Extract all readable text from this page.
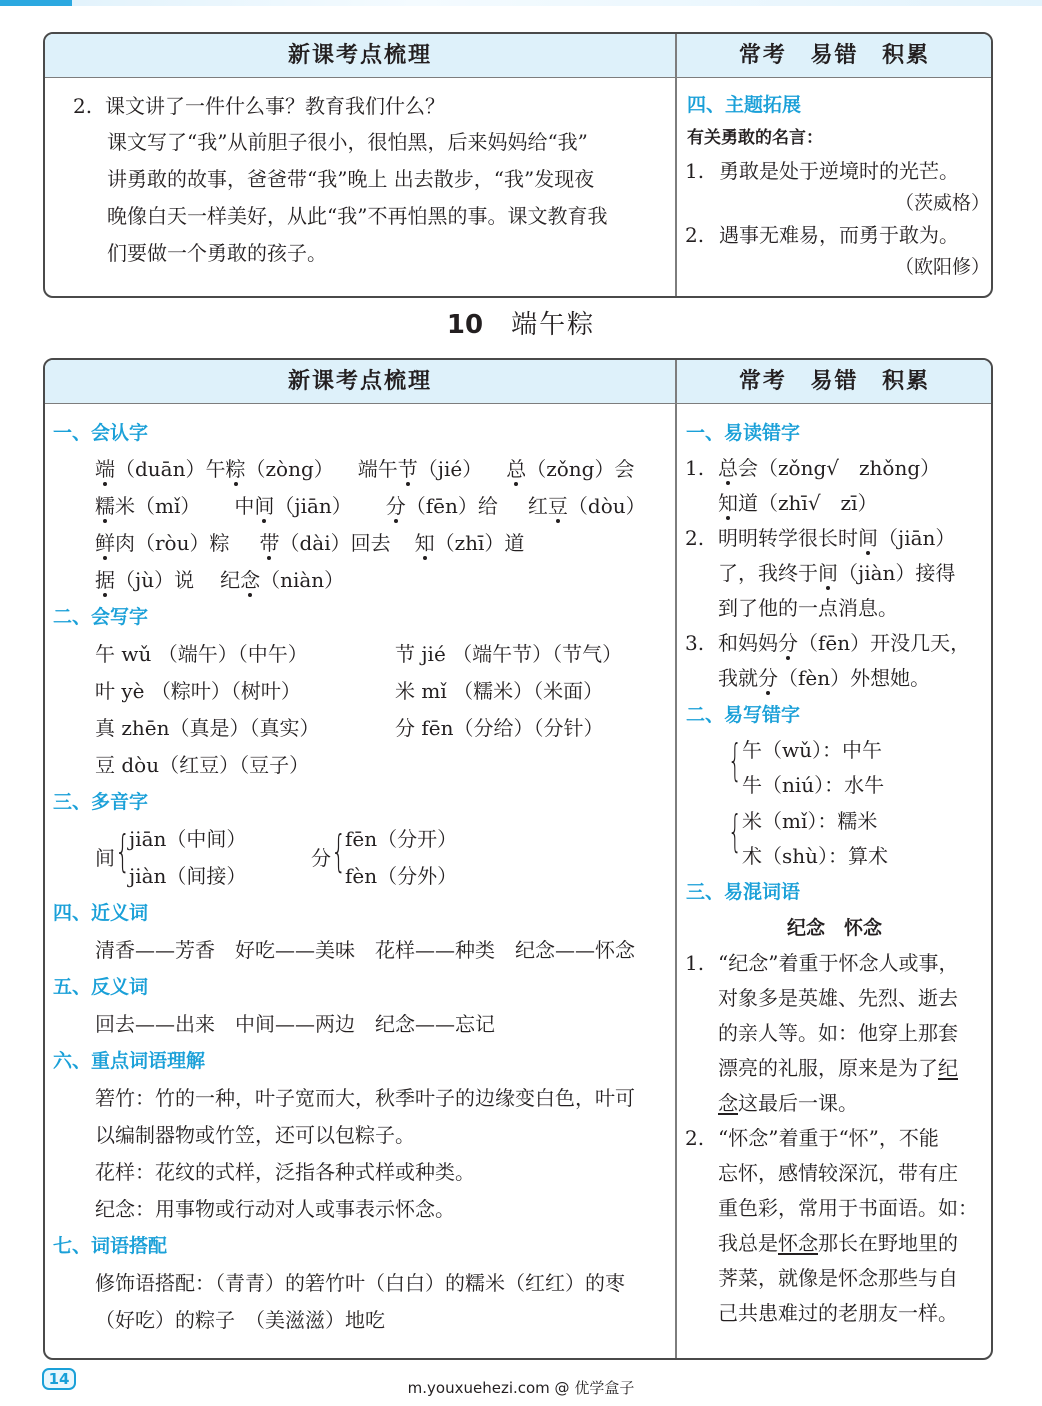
新课考点梳理	常考 易错 积累
2. 课文讲了一件什么事？教育我们什么？
课文写了“我”从前胆子很小，很怕黑，后来妈妈给“我”
讲勇敢的故事，爸爸带“我”晚上 出去散步，“我”发现夜
晚像白天一样美好，从此“我”不再怕黑的事。课文教育我
们要做一个勇敢的孩子。
四、主题拓展
有关勇敢的名言：
1. 勇敢是处于逆境时的光芒。
（茨威格）
2. 遇事无难易，而勇于敢为。
（欧阳修）
10 端午粽
新课考点梳理	常考 易错 积累
一、会认字
端（duān）午粽（zòng） 端午节（jié） 总（zǒng）会
糯米（mǐ） 中间（jiān） 分（fēn）给 红豆（dòu）
鲜肉（ròu）粽 带（dài）回去 知（zhī）道
据（jù）说 纪念（niàn）
二、会写字
午 wǔ （端午）（中午）	节 jié （端午节）（节气）
叶 yè （粽叶）（树叶）	米 mǐ （糯米）（米面）
真 zhēn（真是）（真实）	分 fēn（分给）（分针）
豆 dòu（红豆）（豆子）
三、多音字
间 {
jiān（中间）
jiàn（间接）
分 {
fēn（分开）
fèn（分外）
四、近义词
清香——芳香　好吃——美味　花样——种类　纪念——怀念
五、反义词
回去——出来　中间——两边　纪念——忘记
六、重点词语理解
箬竹：竹的一种，叶子宽而大，秋季叶子的边缘变白色，叶可
以编制器物或竹笠，还可以包粽子。
花样：花纹的式样，泛指各种式样或种类。
纪念：用事物或行动对人或事表示怀念。
七、词语搭配
修饰语搭配：（青青）的箬竹叶（白白）的糯米（红红）的枣
（好吃）的粽子　（美滋滋）地吃
一、易读错字
1. 总会（zǒng√　zhǒng）
知道（zhī√　zī）
2. 明明转学很长时间（jiān）
了，我终于间（jiàn）接得
到了他的一点消息。
3. 和妈妈分（fēn）开没几天，
我就分（fèn）外想她。
二、易写错字
{ 午（wǔ）：中午
牛（niú）：水牛
{ 米（mǐ）：糯米
术（shù）：算术
三、易混词语
纪念　怀念
1. “纪念”着重于怀念人或事，
对象多是英雄、先烈、逝去
的亲人等。如：他穿上那套
漂亮的礼服，原来是为了纪
念这最后一课。
2. “怀念”着重于“怀”，不能
忘怀，感情较深沉，带有庄
重色彩，常用于书面语。如：
我总是怀念那长在野地里的
荠菜，就像是怀念那些与自
己共患难过的老朋友一样。
14	m.youxuehezi.com @ 优学盒子
